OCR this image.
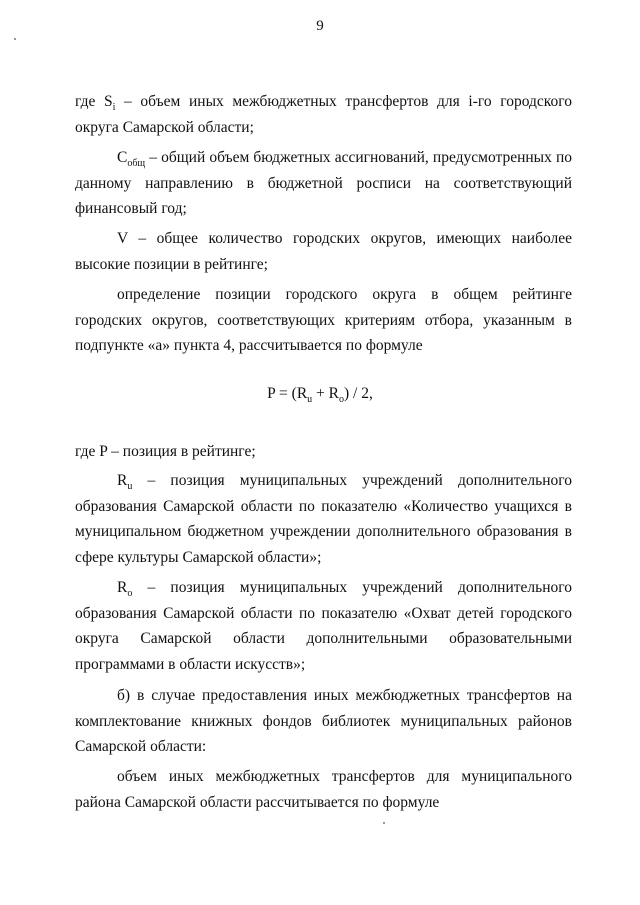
9

где $S_i$ – объем иных межбюджетных трансфертов для i-го городского округа Самарской области;

$C_{общ}$ – общий объем бюджетных ассигнований, предусмотренных по данному направлению в бюджетной росписи на соответствующий финансовый год;

V – общее количество городских округов, имеющих наиболее высокие позиции в рейтинге;

определение позиции городского округа в общем рейтинге городских округов, соответствующих критериям отбора, указанным в подпункте «а» пункта 4, рассчитывается по формуле

$P = (R_u + R_o) / 2$,

где P – позиция в рейтинге;

$R_u$ – позиция муниципальных учреждений дополнительного образования Самарской области по показателю «Количество учащихся в муниципальном бюджетном учреждении дополнительного образования в сфере культуры Самарской области»;

$R_o$ – позиция муниципальных учреждений дополнительного образования Самарской области по показателю «Охват детей городского округа Самарской области дополнительными образовательными программами в области искусств»;

б) в случае предоставления иных межбюджетных трансфертов на комплектование книжных фондов библиотек муниципальных районов Самарской области:

объем иных межбюджетных трансфертов для муниципального района Самарской области рассчитывается по формуле
